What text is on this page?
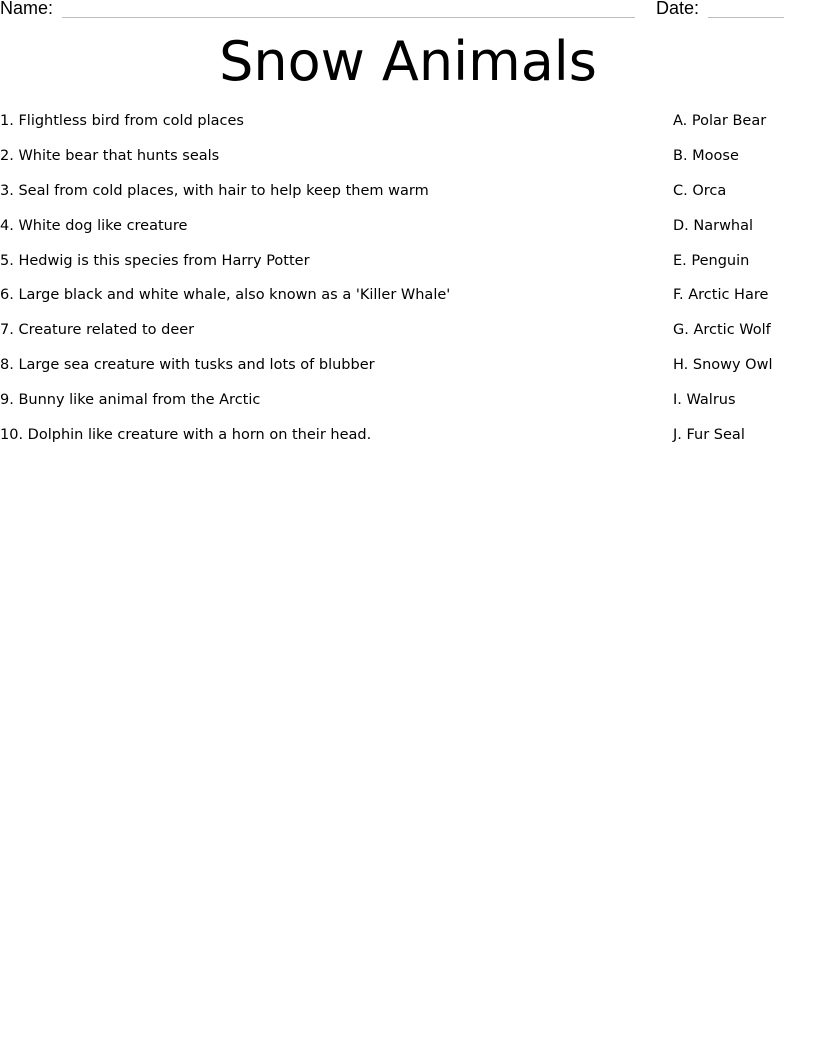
Name:	Date:
Snow Animals
1. Flightless bird from cold places	A. Polar Bear
2. White bear that hunts seals	B. Moose
3. Seal from cold places, with hair to help keep them warm	C. Orca
4. White dog like creature	D. Narwhal
5. Hedwig is this species from Harry Potter	E. Penguin
6. Large black and white whale, also known as a 'Killer Whale'	F. Arctic Hare
7. Creature related to deer	G. Arctic Wolf
8. Large sea creature with tusks and lots of blubber	H. Snowy Owl
9. Bunny like animal from the Arctic	I. Walrus
10. Dolphin like creature with a horn on their head.	J. Fur Seal
